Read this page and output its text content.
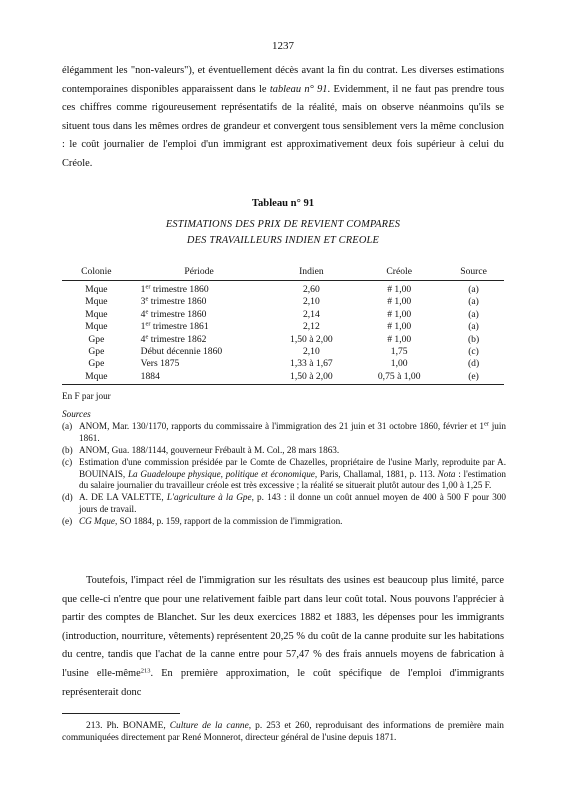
1237

élégamment les "non-valeurs"), et éventuellement décès avant la fin du contrat. Les diverses estimations contemporaines disponibles apparaissent dans le tableau n° 91. Evidemment, il ne faut pas prendre tous ces chiffres comme rigoureusement représentatifs de la réalité, mais on observe néanmoins qu'ils se situent tous dans les mêmes ordres de grandeur et convergent tous sensiblement vers la même conclusion : le coût journalier de l'emploi d'un immigrant est approximativement deux fois supérieur à celui du Créole.

Tableau n° 91
ESTIMATIONS DES PRIX DE REVIENT COMPARES
DES TRAVAILLEURS INDIEN ET CREOLE
Colonie	Période	Indien	Créole	Source
Mque	1er trimestre 1860	2,60	# 1,00	(a)
Mque	3e trimestre 1860	2,10	# 1,00	(a)
Mque	4e trimestre 1860	2,14	# 1,00	(a)
Mque	1er trimestre 1861	2,12	# 1,00	(a)
Gpe	4e trimestre 1862	1,50 à 2,00	# 1,00	(b)
Gpe	Début décennie 1860	2,10	1,75	(c)
Gpe	Vers 1875	1,33 à 1,67	1,00	(d)
Mque	1884	1,50 à 2,00	0,75 à 1,00	(e)
En F par jour
Sources
(a) ANOM, Mar. 130/1170, rapports du commissaire à l'immigration des 21 juin et 31 octobre 1860, février et 1er juin 1861.
(b) ANOM, Gua. 188/1144, gouverneur Frébault à M. Col., 28 mars 1863.
(c) Estimation d'une commission présidée par le Comte de Chazelles, propriétaire de l'usine Marly, reproduite par A. BOUINAIS, La Guadeloupe physique, politique et économique, Paris, Challamal, 1881, p. 113. Nota : l'estimation du salaire journalier du travailleur créole est très excessive ; la réalité se situerait plutôt autour des 1,00 à 1,25 F.
(d) A. DE LA VALETTE, L'agriculture à la Gpe, p. 143 : il donne un coût annuel moyen de 400 à 500 F pour 300 jours de travail.
(e) CG Mque, SO 1884, p. 159, rapport de la commission de l'immigration.

Toutefois, l'impact réel de l'immigration sur les résultats des usines est beaucoup plus limité, parce que celle-ci n'entre que pour une relativement faible part dans leur coût total. Nous pouvons l'apprécier à partir des comptes de Blanchet. Sur les deux exercices 1882 et 1883, les dépenses pour les immigrants (introduction, nourriture, vêtements) représentent 20,25 % du coût de la canne produite sur les habitations du centre, tandis que l'achat de la canne entre pour 57,47 % des frais annuels moyens de fabrication à l'usine elle-même$^{213}$. En première approximation, le coût spécifique de l'emploi d'immigrants représenterait donc

213. Ph. BONAME, Culture de la canne, p. 253 et 260, reproduisant des informations de première main communiquées directement par René Monnerot, directeur général de l'usine depuis 1871.
